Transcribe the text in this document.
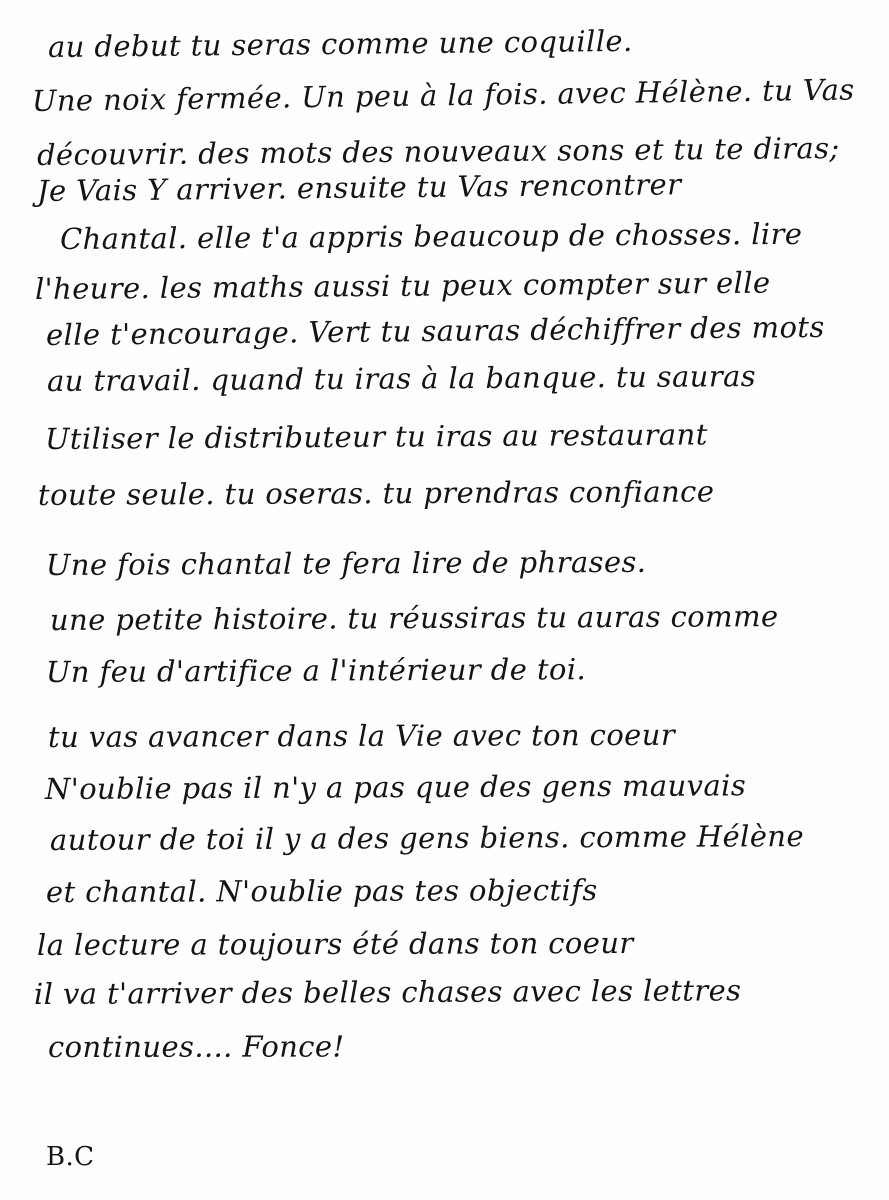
au debut tu seras comme une coquille.
Une noix fermée. Un peu à la fois. avec Hélène. tu Vas
découvrir. des mots des nouveaux sons et tu te diras;
Je Vais Y arriver. ensuite tu Vas rencontrer
Chantal. elle t'a appris beaucoup de chosses. lire
l'heure. les maths aussi tu peux compter sur elle
elle t'encourage. Vert tu sauras déchiffrer des mots
au travail. quand tu iras à la banque. tu sauras
Utiliser le distributeur tu iras au restaurant
toute seule. tu oseras. tu prendras confiance
Une fois chantal te fera lire de phrases.
une petite histoire. tu réussiras tu auras comme
Un feu d'artifice a l'intérieur de toi.
tu vas avancer dans la Vie avec ton coeur
N'oublie pas il n'y a pas que des gens mauvais
autour de toi il y a des gens biens. comme Hélène
et chantal. N'oublie pas tes objectifs
la lecture a toujours été dans ton coeur
il va t'arriver des belles chases avec les lettres
continues.... Fonce!
B.C
